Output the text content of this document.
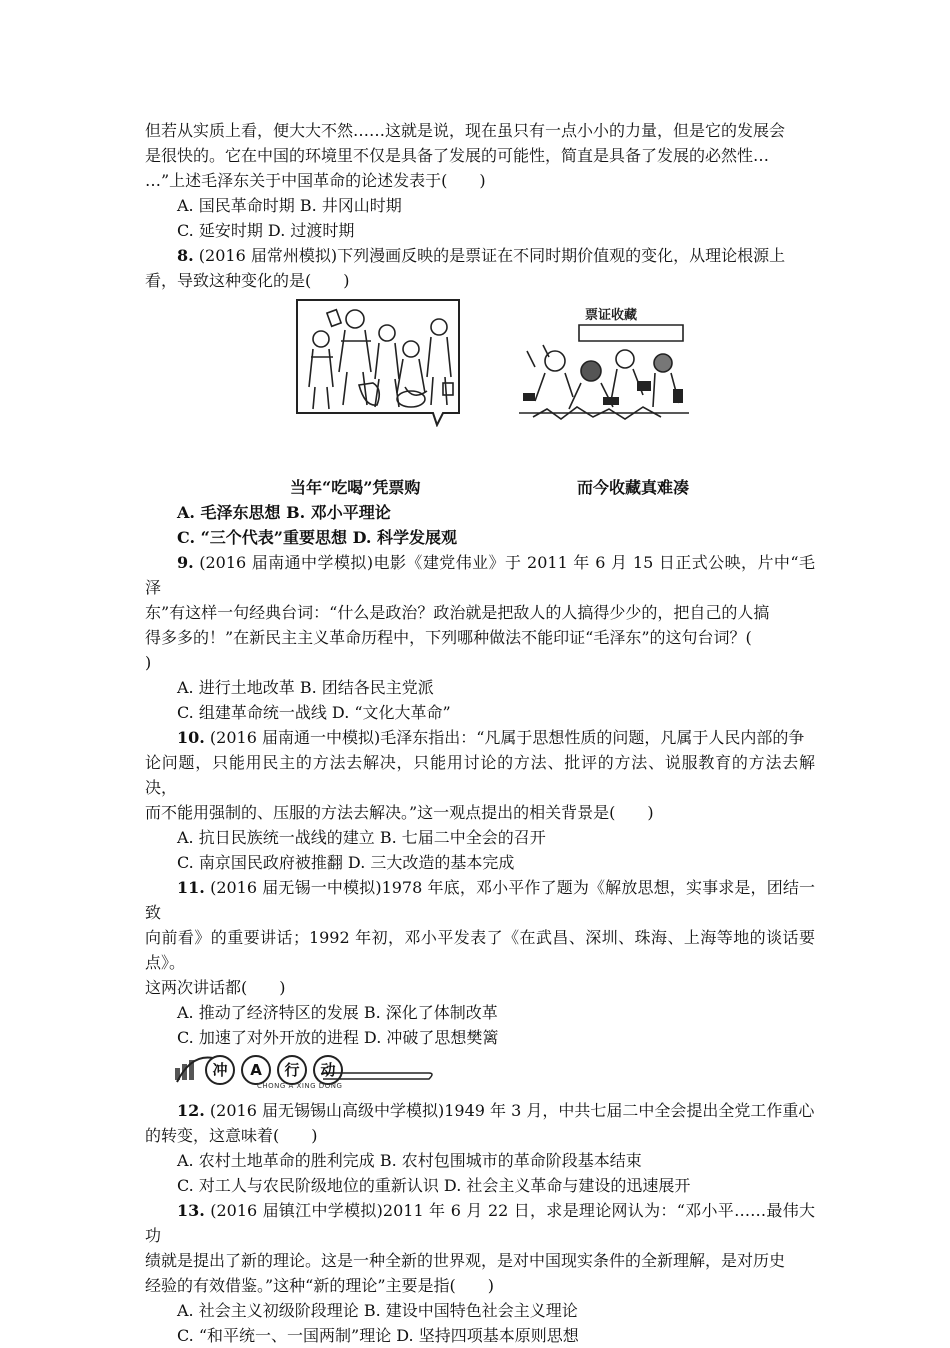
但若从实质上看，便大大不然……这就是说，现在虽只有一点小小的力量，但是它的发展会

是很快的。它在中国的环境里不仅是具备了发展的可能性，简直是具备了发展的必然性…

…”上述毛泽东关于中国革命的论述发表于(　　)

A. 国民革命时期 B. 井冈山时期

C. 延安时期 D. 过渡时期

8. (2016 届常州模拟)下列漫画反映的是票证在不同时期价值观的变化，从理论根源上

看，导致这种变化的是(　　)

票证收藏
当年“吃喝”凭票购	而今收藏真难凑

A. 毛泽东思想 B. 邓小平理论

C. “三个代表”重要思想 D. 科学发展观

9. (2016 届南通中学模拟)电影《建党伟业》于 2011 年 6 月 15 日正式公映，片中“毛泽

东”有这样一句经典台词：“什么是政治？政治就是把敌人的人搞得少少的，把自己的人搞

得多多的！”在新民主主义革命历程中，下列哪种做法不能印证“毛泽东”的这句台词？(

)

A. 进行土地改革 B. 团结各民主党派

C. 组建革命统一战线 D. “文化大革命”

10. (2016 届南通一中模拟)毛泽东指出：“凡属于思想性质的问题，凡属于人民内部的争

论问题，只能用民主的方法去解决，只能用讨论的方法、批评的方法、说服教育的方法去解决，

而不能用强制的、压服的方法去解决。”这一观点提出的相关背景是(　　)

A. 抗日民族统一战线的建立 B. 七届二中全会的召开

C. 南京国民政府被推翻 D. 三大改造的基本完成

11. (2016 届无锡一中模拟)1978 年底，邓小平作了题为《解放思想，实事求是，团结一致

向前看》的重要讲话；1992 年初，邓小平发表了《在武昌、深圳、珠海、上海等地的谈话要点》。

这两次讲话都(　　)

A. 推动了经济特区的发展 B. 深化了体制改革

C. 加速了对外开放的进程 D. 冲破了思想樊篱

冲	A	行	动
CHONG A XING DONG

12. (2016 届无锡锡山高级中学模拟)1949 年 3 月，中共七届二中全会提出全党工作重心

的转变，这意味着(　　)

A. 农村土地革命的胜利完成 B. 农村包围城市的革命阶段基本结束

C. 对工人与农民阶级地位的重新认识 D. 社会主义革命与建设的迅速展开

13. (2016 届镇江中学模拟)2011 年 6 月 22 日，求是理论网认为：“邓小平……最伟大功

绩就是提出了新的理论。这是一种全新的世界观，是对中国现实条件的全新理解，是对历史

经验的有效借鉴。”这种“新的理论”主要是指(　　)

A. 社会主义初级阶段理论 B. 建设中国特色社会主义理论

C. “和平统一、一国两制”理论 D. 坚持四项基本原则思想
